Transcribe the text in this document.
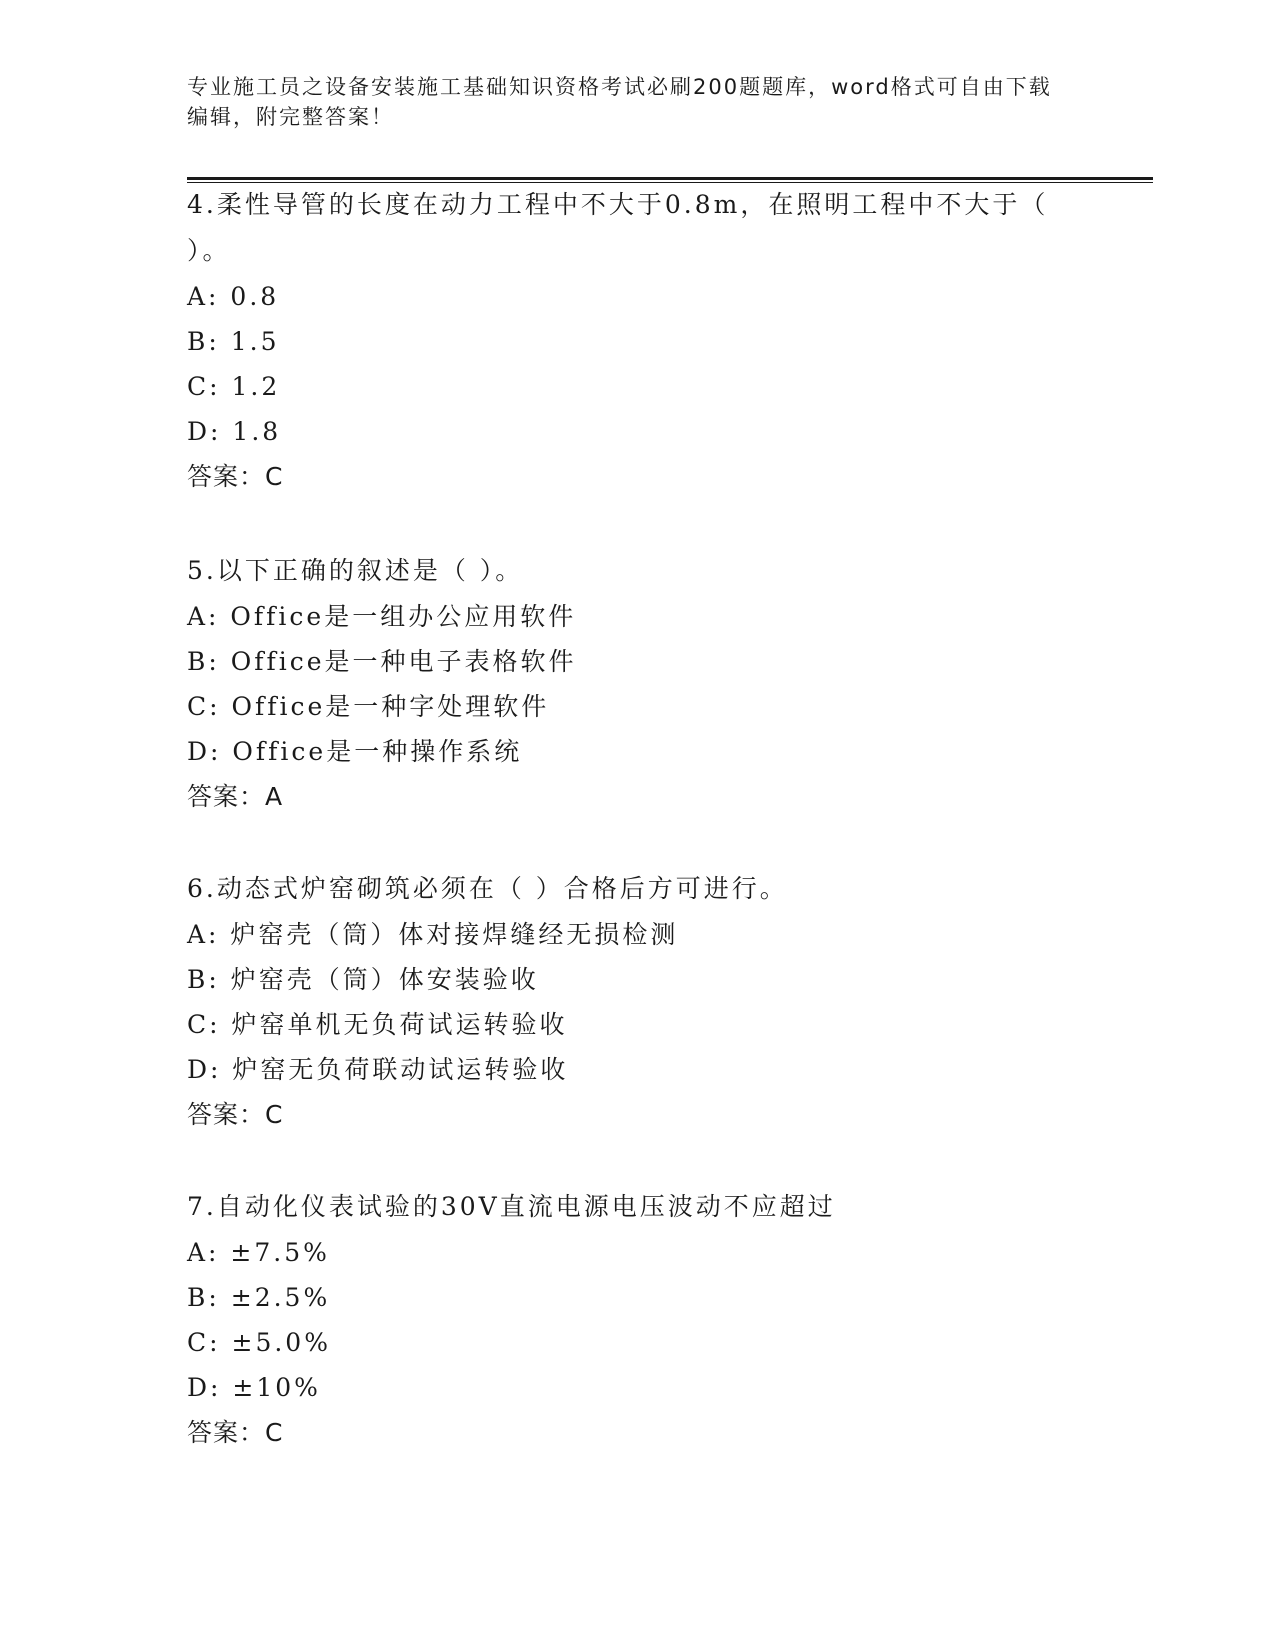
专业施工员之设备安装施工基础知识资格考试必刷200题题库，word格式可自由下载编辑，附完整答案！
4.柔性导管的长度在动力工程中不大于0.8m，在照明工程中不大于（ ）。
A: 0.8
B: 1.5
C: 1.2
D: 1.8
答案：C
5.以下正确的叙述是（ ）。
A: Office是一组办公应用软件
B: Office是一种电子表格软件
C: Office是一种字处理软件
D: Office是一种操作系统
答案：A
6.动态式炉窑砌筑必须在（ ）合格后方可进行。
A: 炉窑壳（筒）体对接焊缝经无损检测
B: 炉窑壳（筒）体安装验收
C: 炉窑单机无负荷试运转验收
D: 炉窑无负荷联动试运转验收
答案：C
7.自动化仪表试验的30V直流电源电压波动不应超过
A: ±7.5%
B: ±2.5%
C: ±5.0%
D: ±10%
答案：C
